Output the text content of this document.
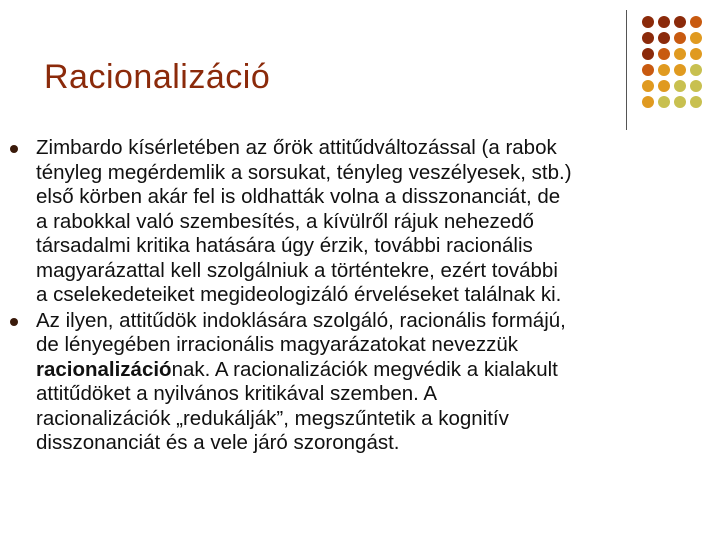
Racionalizáció
Zimbardo kísérletében az őrök attitűdváltozással (a rabok
tényleg megérdemlik a sorsukat, tényleg veszélyesek, stb.)
első körben akár fel is oldhatták volna a disszonanciát, de
a rabokkal való szembesítés, a kívülről rájuk nehezedő
társadalmi kritika hatására úgy érzik, további racionális
magyarázattal kell szolgálniuk a történtekre, ezért további
a cselekedeteiket megideologizáló érveléseket találnak ki.
Az ilyen, attitűdök indoklására szolgáló, racionális formájú,
de lényegében irracionális magyarázatokat nevezzük
racionalizációnak. A racionalizációk megvédik a kialakult
attitűdöket a nyilvános kritikával szemben. A
racionalizációk „redukálják”, megszűntetik a kognitív
disszonanciát és a vele járó szorongást.
